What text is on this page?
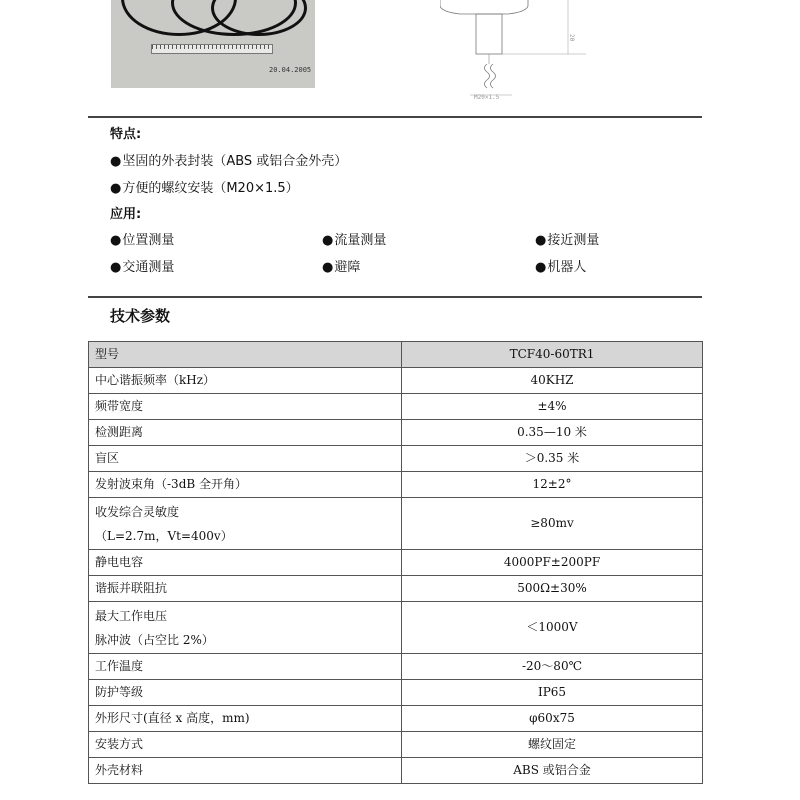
20.04.2005
20
M20×1.5
特点:
●坚固的外表封装（ABS 或铝合金外壳）
●方便的螺纹安装（M20×1.5）
应用:
●位置测量	●流量测量	●接近测量
●交通测量	●避障	●机器人
技术参数
型号	TCF40-60TR1
中心谐振频率（kHz）	40KHZ
频带宽度	±4%
检测距离	0.35—10 米
盲区	＞0.35 米
发射波束角（-3dB 全开角）	12±2°

收发综合灵敏度
（L=2.7m，Vt=400v）	≥80mv
静电电容	4000PF±200PF
谐振并联阻抗	500Ω±30%

最大工作电压
脉冲波（占空比 2%）	＜1000V
工作温度	-20～80℃
防护等级	IP65
外形尺寸(直径 x 高度，mm)	φ60x75
安装方式	螺纹固定
外壳材料	ABS 或铝合金
